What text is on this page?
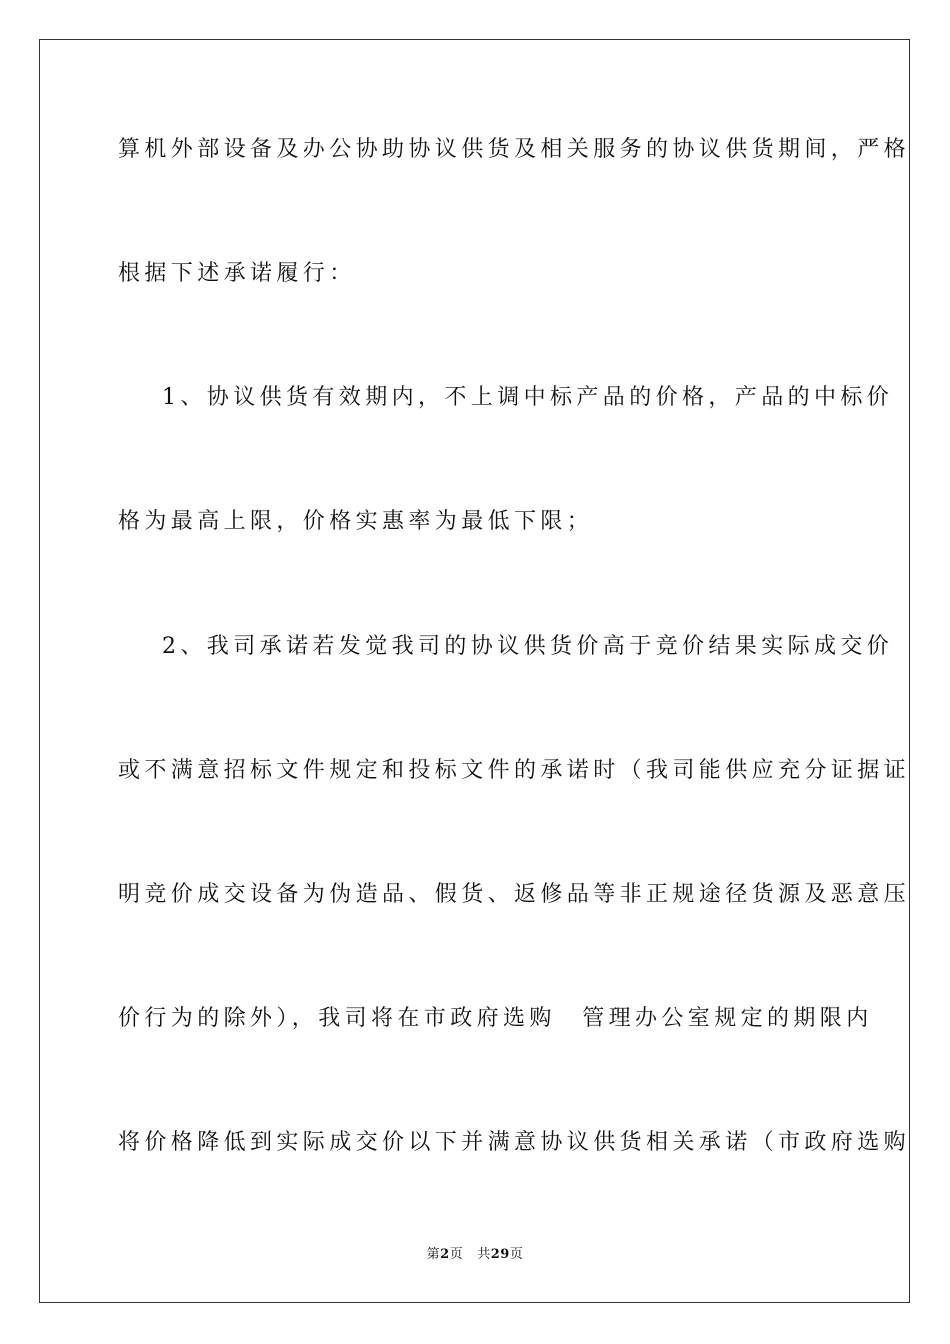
算机外部设备及办公协助协议供货及相关服务的协议供货期间，严格
根据下述承诺履行：
1、协议供货有效期内，不上调中标产品的价格，产品的中标价
格为最高上限，价格实惠率为最低下限；
2、我司承诺若发觉我司的协议供货价高于竞价结果实际成交价
或不满意招标文件规定和投标文件的承诺时（我司能供应充分证据证
明竞价成交设备为伪造品、假货、返修品等非正规途径货源及恶意压
价行为的除外），我司将在市政府选购　管理办公室规定的期限内
将价格降低到实际成交价以下并满意协议供货相关承诺（市政府选购
第2页 共29页
